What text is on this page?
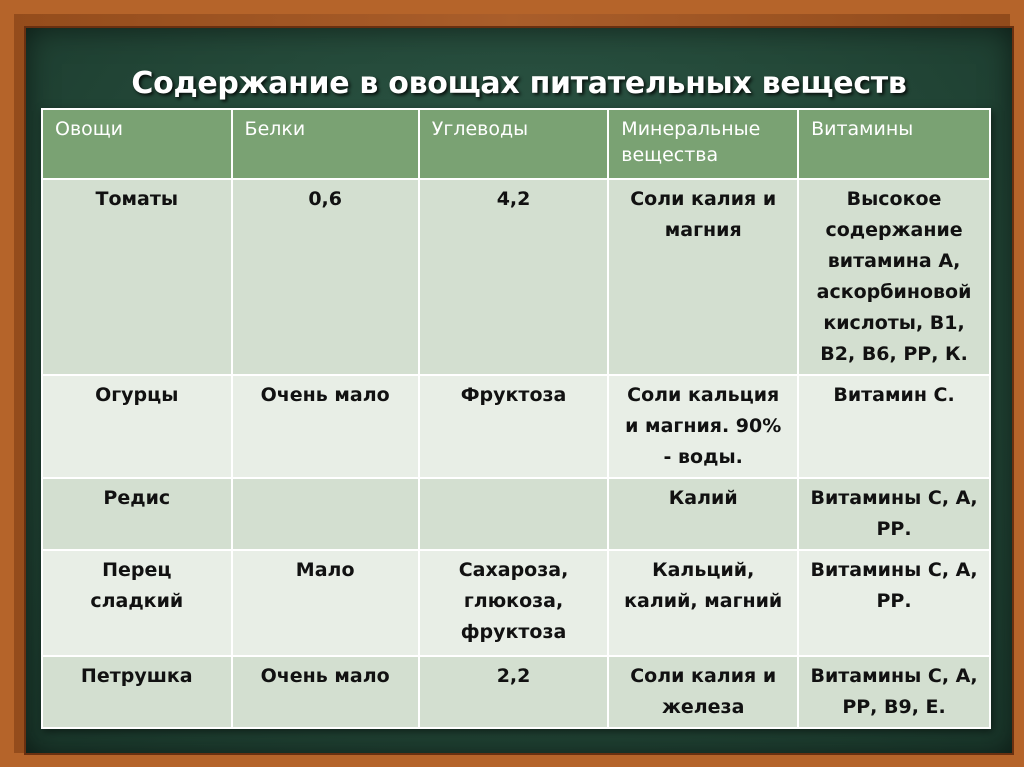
Содержание в овощах питательных веществ
Овощи	Белки	Углеводы	Минеральные вещества	Витамины
Томаты	0,6	4,2	Соли калия и магния	Высокое содержание витамина А, аскорбиновой кислоты, В1, В2, В6, РР, К.
Огурцы	Очень мало	Фруктоза	Соли кальция и магния. 90% - воды.	Витамин С.
Редис			Калий	Витамины С, А, РР.
Перец сладкий	Мало	Сахароза, глюкоза, фруктоза	Кальций, калий, магний	Витамины С, А, РР.
Петрушка	Очень мало	2,2	Соли калия и железа	Витамины С, А, РР, В9, Е.
